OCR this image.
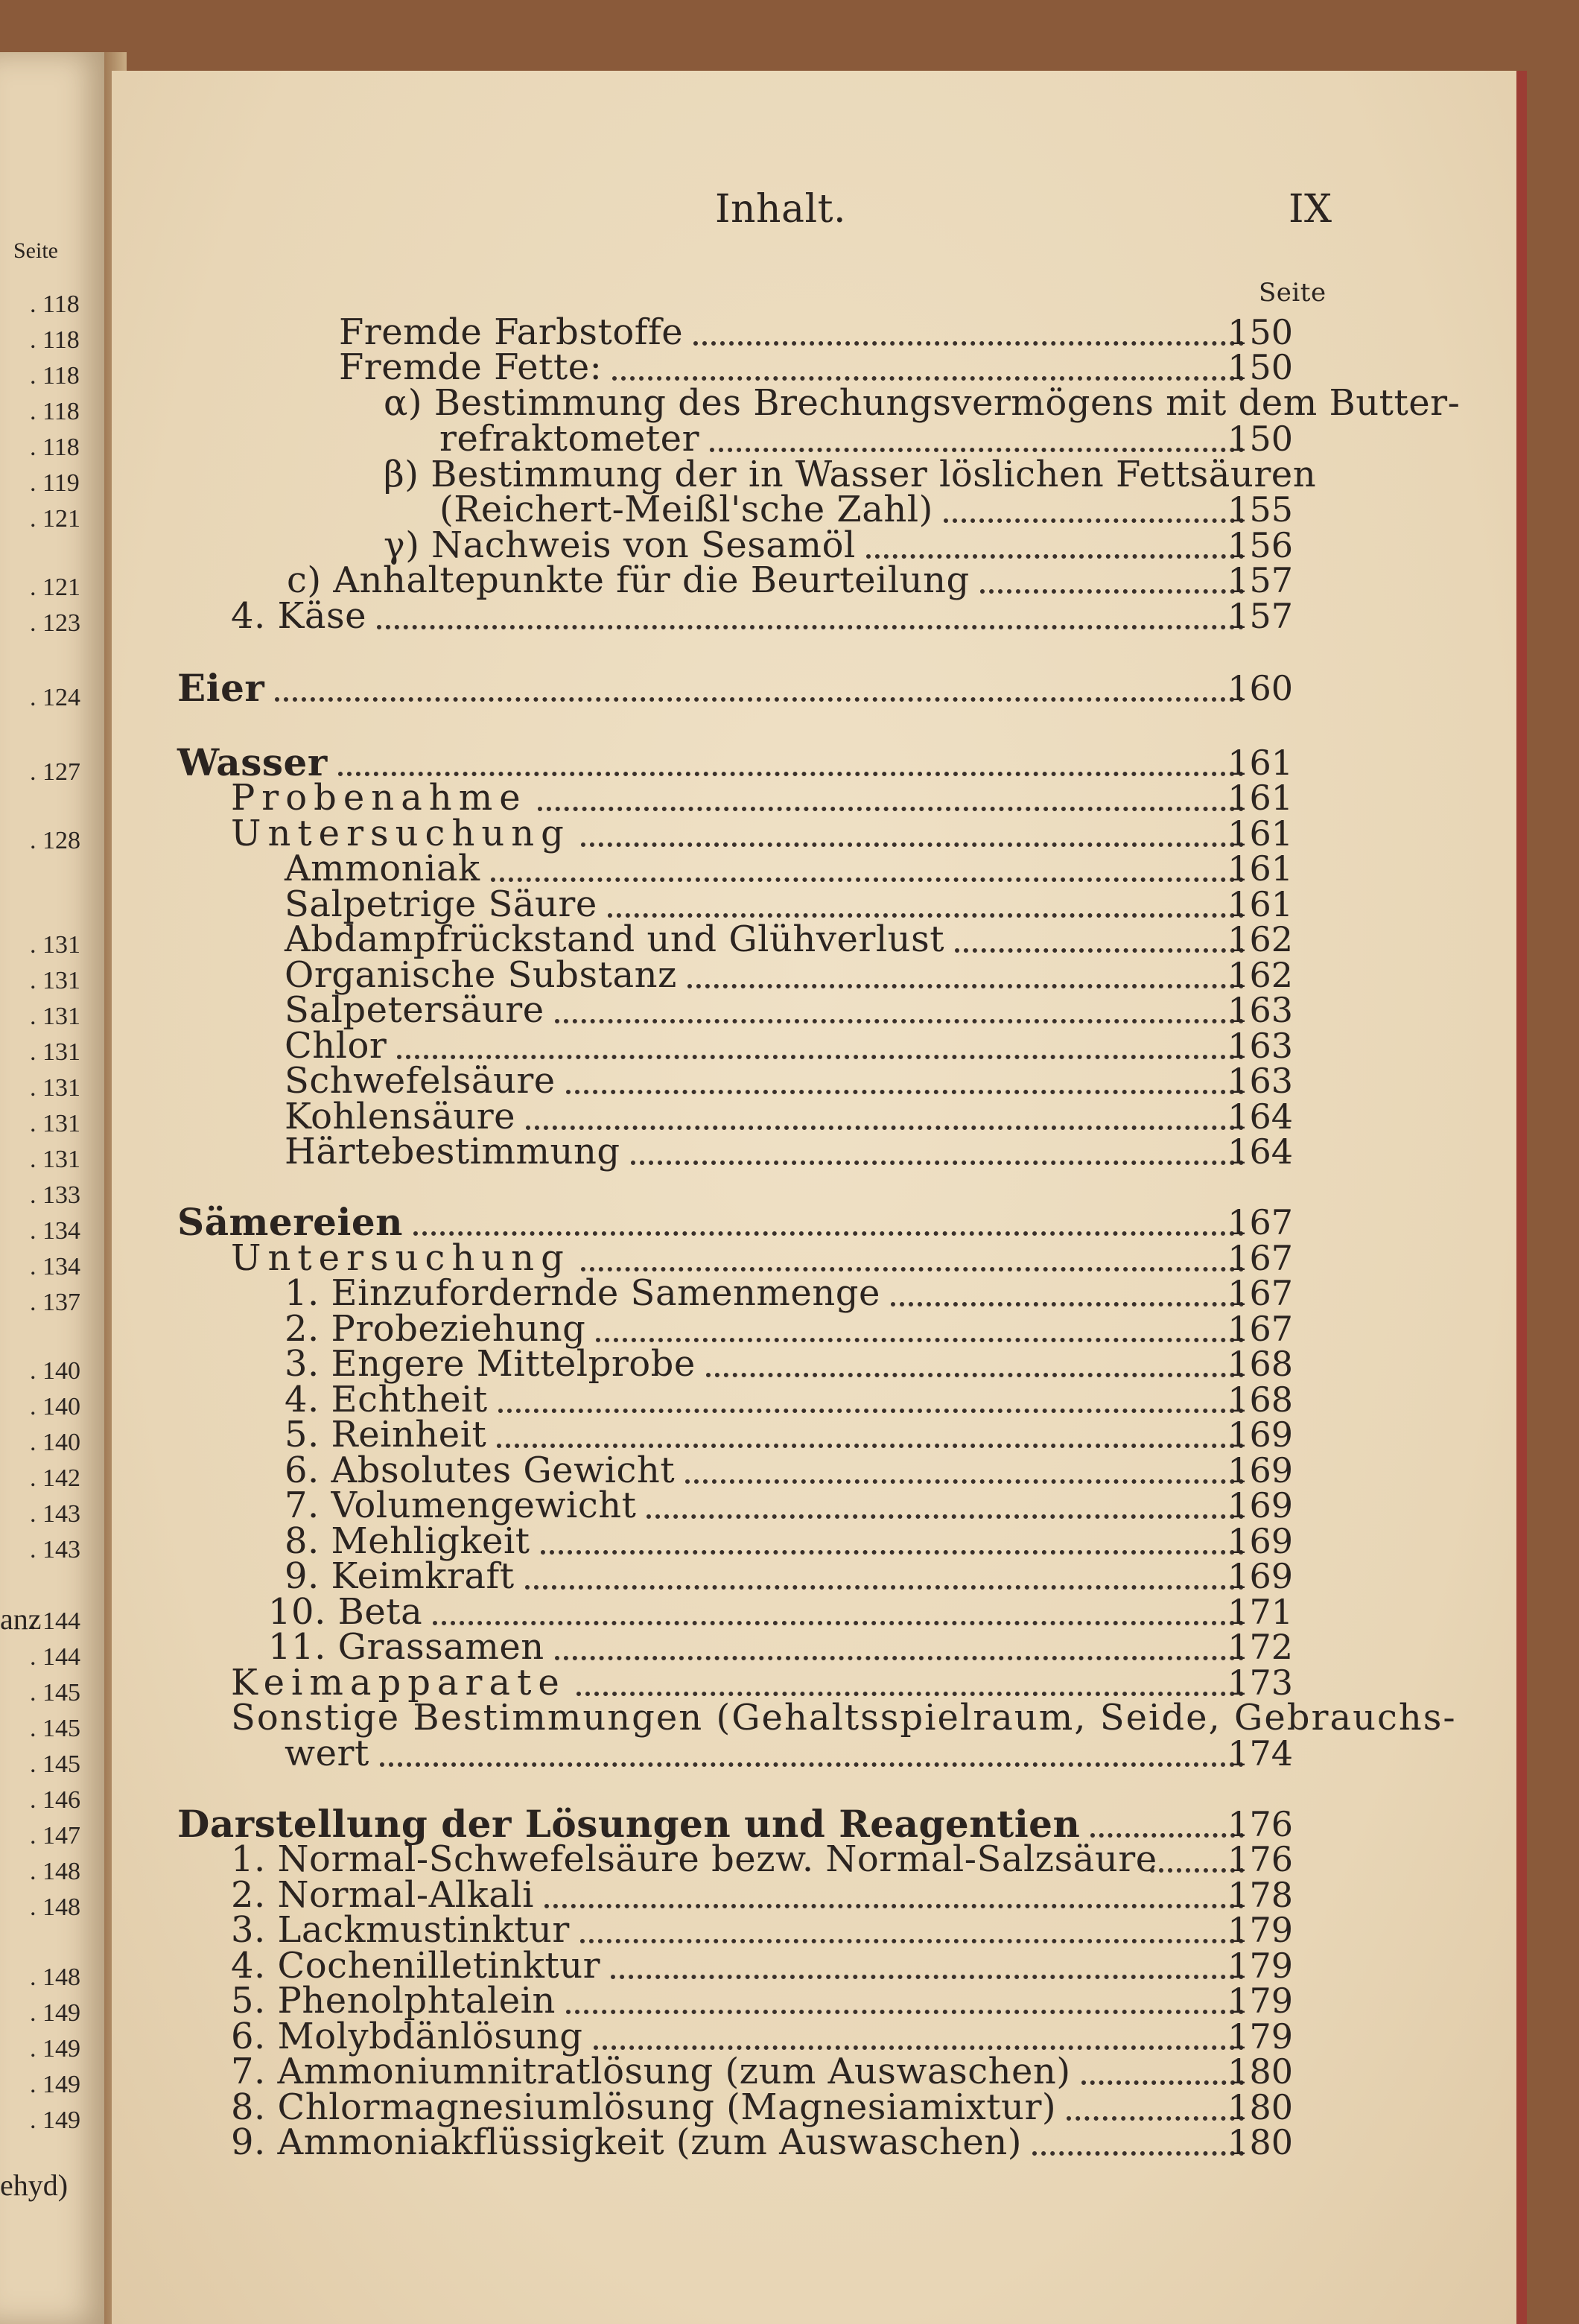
Seite
anz
ehyd)
. 118
. 118
. 118
. 118
. 118
. 119
. 121
. 121
. 123
. 124
. 127
. 128
. 131
. 131
. 131
. 131
. 131
. 131
. 131
. 133
. 134
. 134
. 137
. 140
. 140
. 140
. 142
. 143
. 143
. 144
. 144
. 145
. 145
. 145
. 146
. 147
. 148
. 148
. 148
. 149
. 149
. 149
. 149
Inhalt.	IX
Seite
Fremde Farbstoffe	150
Fremde Fette:	150
α) Bestimmung des Brechungsvermögens mit dem Butter-
refraktometer	150
β) Bestimmung der in Wasser löslichen Fettsäuren
(Reichert-Meißl'sche Zahl)	155
γ) Nachweis von Sesamöl	156
c) Anhaltepunkte für die Beurteilung	157
4. Käse	157
Eier	160
Wasser	161
Probenahme	161
Untersuchung	161
Ammoniak	161
Salpetrige Säure	161
Abdampfrückstand und Glühverlust	162
Organische Substanz	162
Salpetersäure	163
Chlor	163
Schwefelsäure	163
Kohlensäure	164
Härtebestimmung	164
Sämereien	167
Untersuchung	167
1. Einzufordernde Samenmenge	167
2. Probeziehung	167
3. Engere Mittelprobe	168
4. Echtheit	168
5. Reinheit	169
6. Absolutes Gewicht	169
7. Volumengewicht	169
8. Mehligkeit	169
9. Keimkraft	169
10. Beta	171
11. Grassamen	172
Keimapparate	173
Sonstige Bestimmungen (Gehaltsspielraum, Seide, Gebrauchs-
wert	174
Darstellung der Lösungen und Reagentien	176
1. Normal-Schwefelsäure bezw. Normal-Salzsäure	176
2. Normal-Alkali	178
3. Lackmustinktur	179
4. Cochenilletinktur	179
5. Phenolphtalein	179
6. Molybdänlösung	179
7. Ammoniumnitratlösung (zum Auswaschen)	180
8. Chlormagnesiumlösung (Magnesiamixtur)	180
9. Ammoniakflüssigkeit (zum Auswaschen)	180
